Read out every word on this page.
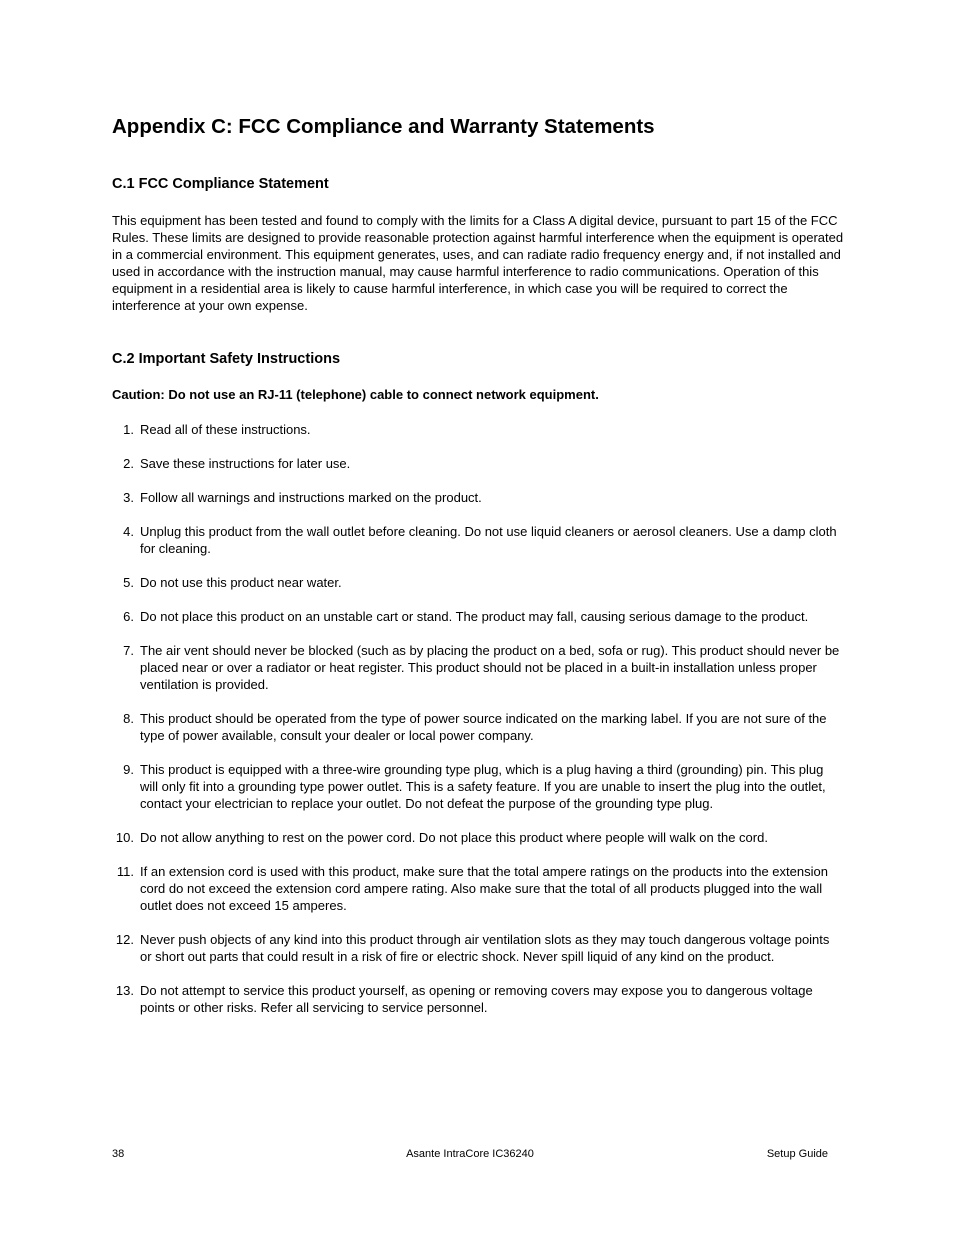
Appendix C: FCC Compliance and Warranty Statements
C.1 FCC Compliance Statement

This equipment has been tested and found to comply with the limits for a Class A digital device, pursuant to part 15 of the FCC Rules. These limits are designed to provide reasonable protection against harmful interference when the equipment is operated in a commercial environment. This equipment generates, uses, and can radiate radio frequency energy and, if not installed and used in accordance with the instruction manual, may cause harmful interference to radio communications. Operation of this equipment in a residential area is likely to cause harmful interference, in which case you will be required to correct the interference at your own expense.

C.2 Important Safety Instructions

Caution: Do not use an RJ-11 (telephone) cable to connect network equipment.

1. Read all of these instructions.
2. Save these instructions for later use.
3. Follow all warnings and instructions marked on the product.
4. Unplug this product from the wall outlet before cleaning. Do not use liquid cleaners or aerosol cleaners. Use a damp cloth for cleaning.
5. Do not use this product near water.
6. Do not place this product on an unstable cart or stand. The product may fall, causing serious damage to the product.
7. The air vent should never be blocked (such as by placing the product on a bed, sofa or rug). This product should never be placed near or over a radiator or heat register. This product should not be placed in a built-in installation unless proper ventilation is provided.
8. This product should be operated from the type of power source indicated on the marking label. If you are not sure of the type of power available, consult your dealer or local power company.
9. This product is equipped with a three-wire grounding type plug, which is a plug having a third (grounding) pin. This plug will only fit into a grounding type power outlet. This is a safety feature. If you are unable to insert the plug into the outlet, contact your electrician to replace your outlet. Do not defeat the purpose of the grounding type plug.
10. Do not allow anything to rest on the power cord. Do not place this product where people will walk on the cord.
11. If an extension cord is used with this product, make sure that the total ampere ratings on the products into the extension cord do not exceed the extension cord ampere rating. Also make sure that the total of all products plugged into the wall outlet does not exceed 15 amperes.
12. Never push objects of any kind into this product through air ventilation slots as they may touch dangerous voltage points or short out parts that could result in a risk of fire or electric shock. Never spill liquid of any kind on the product.
13. Do not attempt to service this product yourself, as opening or removing covers may expose you to dangerous voltage points or other risks. Refer all servicing to service personnel.
38	Asante IntraCore IC36240	Setup Guide
